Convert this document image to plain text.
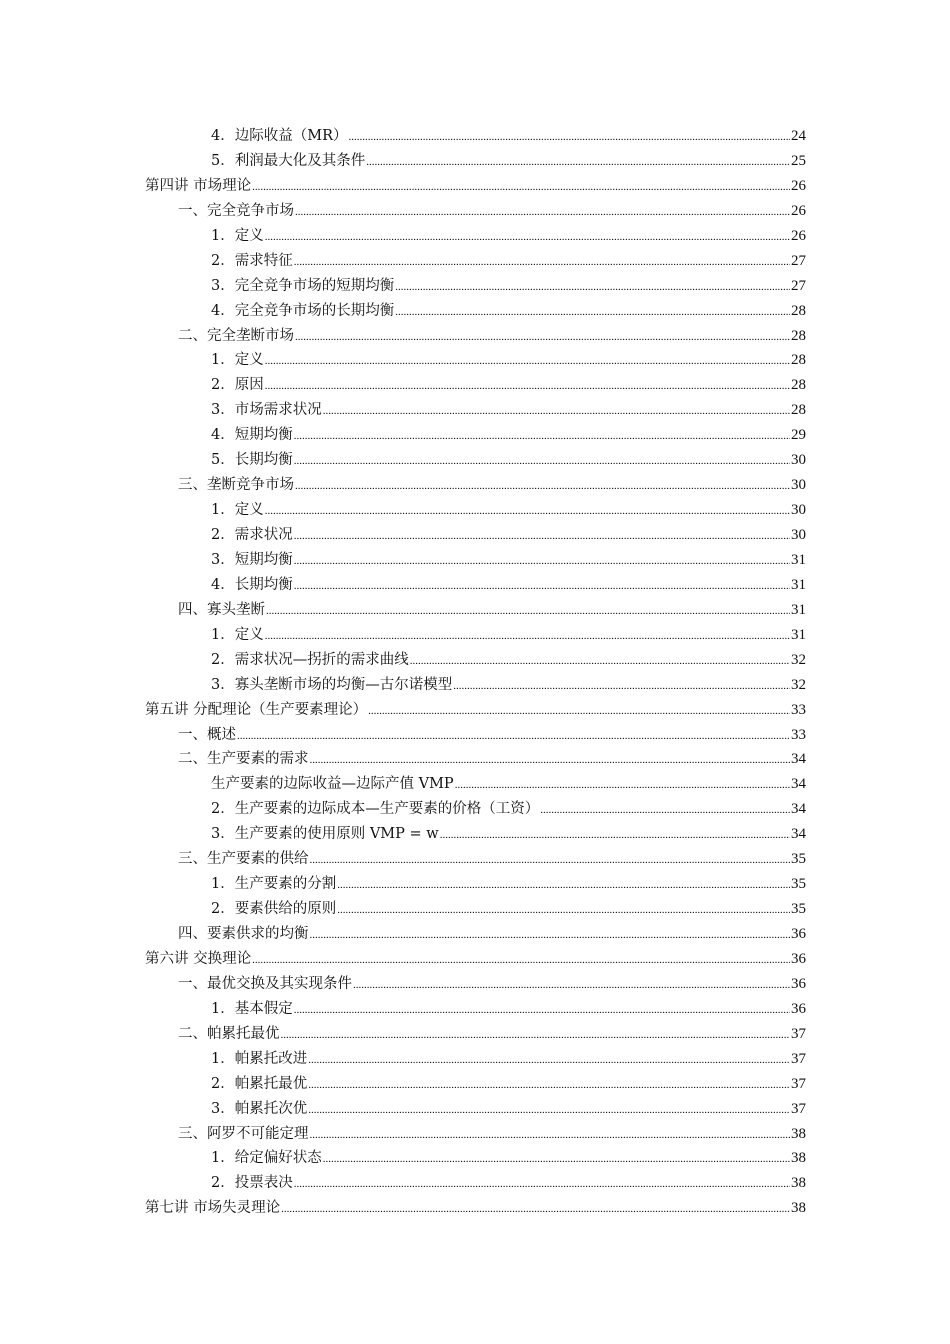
4．边际收益（MR） .....	24
5．利润最大化及其条件 .....	25
第四讲 市场理论 .....	26
一、完全竞争市场 .....	26
1．定义 .....	26
2．需求特征 .....	27
3．完全竞争市场的短期均衡 .....	27
4．完全竞争市场的长期均衡 .....	28
二、完全垄断市场 .....	28
1．定义 .....	28
2．原因 .....	28
3．市场需求状况 .....	28
4．短期均衡 .....	29
5．长期均衡 .....	30
三、垄断竞争市场 .....	30
1．定义 .....	30
2．需求状况 .....	30
3．短期均衡 .....	31
4．长期均衡 .....	31
四、寡头垄断 .....	31
1．定义 .....	31
2．需求状况—拐折的需求曲线 .....	32
3．寡头垄断市场的均衡—古尔诺模型 .....	32
第五讲 分配理论（生产要素理论） .....	33
一、概述 .....	33
二、生产要素的需求 .....	34
生产要素的边际收益—边际产值 VMP .....	34
2．生产要素的边际成本—生产要素的价格（工资） .....	34
3．生产要素的使用原则 VMP = w .....	34
三、生产要素的供给 .....	35
1．生产要素的分割 .....	35
2．要素供给的原则 .....	35
四、要素供求的均衡 .....	36
第六讲 交换理论 .....	36
一、最优交换及其实现条件 .....	36
1．基本假定 .....	36
二、帕累托最优 .....	37
1．帕累托改进 .....	37
2．帕累托最优 .....	37
3．帕累托次优 .....	37
三、阿罗不可能定理 .....	38
1．给定偏好状态 .....	38
2．投票表决 .....	38
第七讲 市场失灵理论 .....	38
